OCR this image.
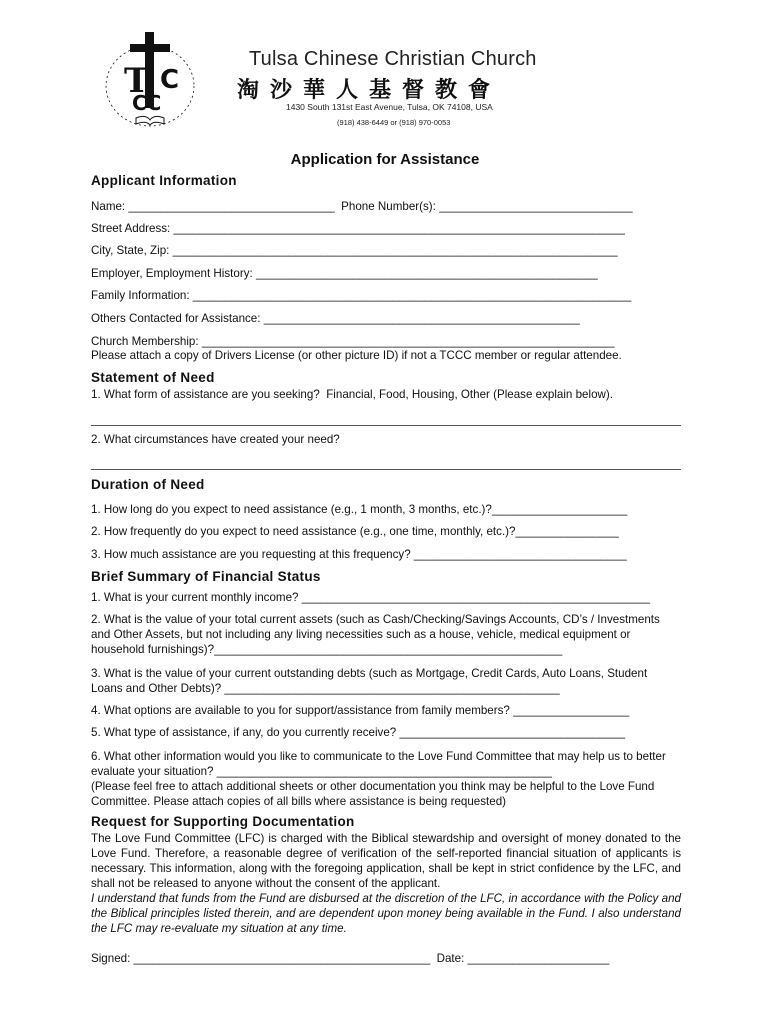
T C
CC
Tulsa Chinese Christian Church
淘沙華人基督教會
1430 South 131st East Avenue, Tulsa, OK 74108, USA
(918) 438-6449 or (918) 970-0053
Application for Assistance
Applicant Information
Name: ________________________________  Phone Number(s): ______________________________
Street Address: ______________________________________________________________________
City, State, Zip: _____________________________________________________________________
Employer, Employment History: _____________________________________________________
Family Information: ____________________________________________________________________
Others Contacted for Assistance: _________________________________________________
Church Membership: ________________________________________________________________
Please attach a copy of Drivers License (or other picture ID) if not a TCCC member or regular attendee.
Statement of Need
1. What form of assistance are you seeking?  Financial, Food, Housing, Other (Please explain below).
2. What circumstances have created your need?
Duration of Need
1. How long do you expect to need assistance (e.g., 1 month, 3 months, etc.)?_____________________
2. How frequently do you expect to need assistance (e.g., one time, monthly, etc.)?________________
3. How much assistance are you requesting at this frequency? _________________________________
Brief Summary of Financial Status
1. What is your current monthly income? ______________________________________________________
2. What is the value of your total current assets (such as Cash/Checking/Savings Accounts, CD’s / Investments and Other Assets, but not including any living necessities such as a house, vehicle, medical equipment or household furnishings)?______________________________________________________
3. What is the value of your current outstanding debts (such as Mortgage, Credit Cards, Auto Loans, Student Loans and Other Debts)? ____________________________________________________
4. What options are available to you for support/assistance from family members? __________________
5. What type of assistance, if any, do you currently receive? ___________________________________
6. What other information would you like to communicate to the Love Fund Committee that may help us to better evaluate your situation? ____________________________________________________
(Please feel free to attach additional sheets or other documentation you think may be helpful to the Love Fund Committee. Please attach copies of all bills where assistance is being requested)
Request for Supporting Documentation
The Love Fund Committee (LFC) is charged with the Biblical stewardship and oversight of money donated to the Love Fund. Therefore, a reasonable degree of verification of the self-reported financial situation of applicants is necessary. This information, along with the foregoing application, shall be kept in strict confidence by the LFC, and shall not be released to anyone without the consent of the applicant.
I understand that funds from the Fund are disbursed at the discretion of the LFC, in accordance with the Policy and the Biblical principles listed therein, and are dependent upon money being available in the Fund. I also understand the LFC may re-evaluate my situation at any time.
Signed: ______________________________________________  Date: ______________________
